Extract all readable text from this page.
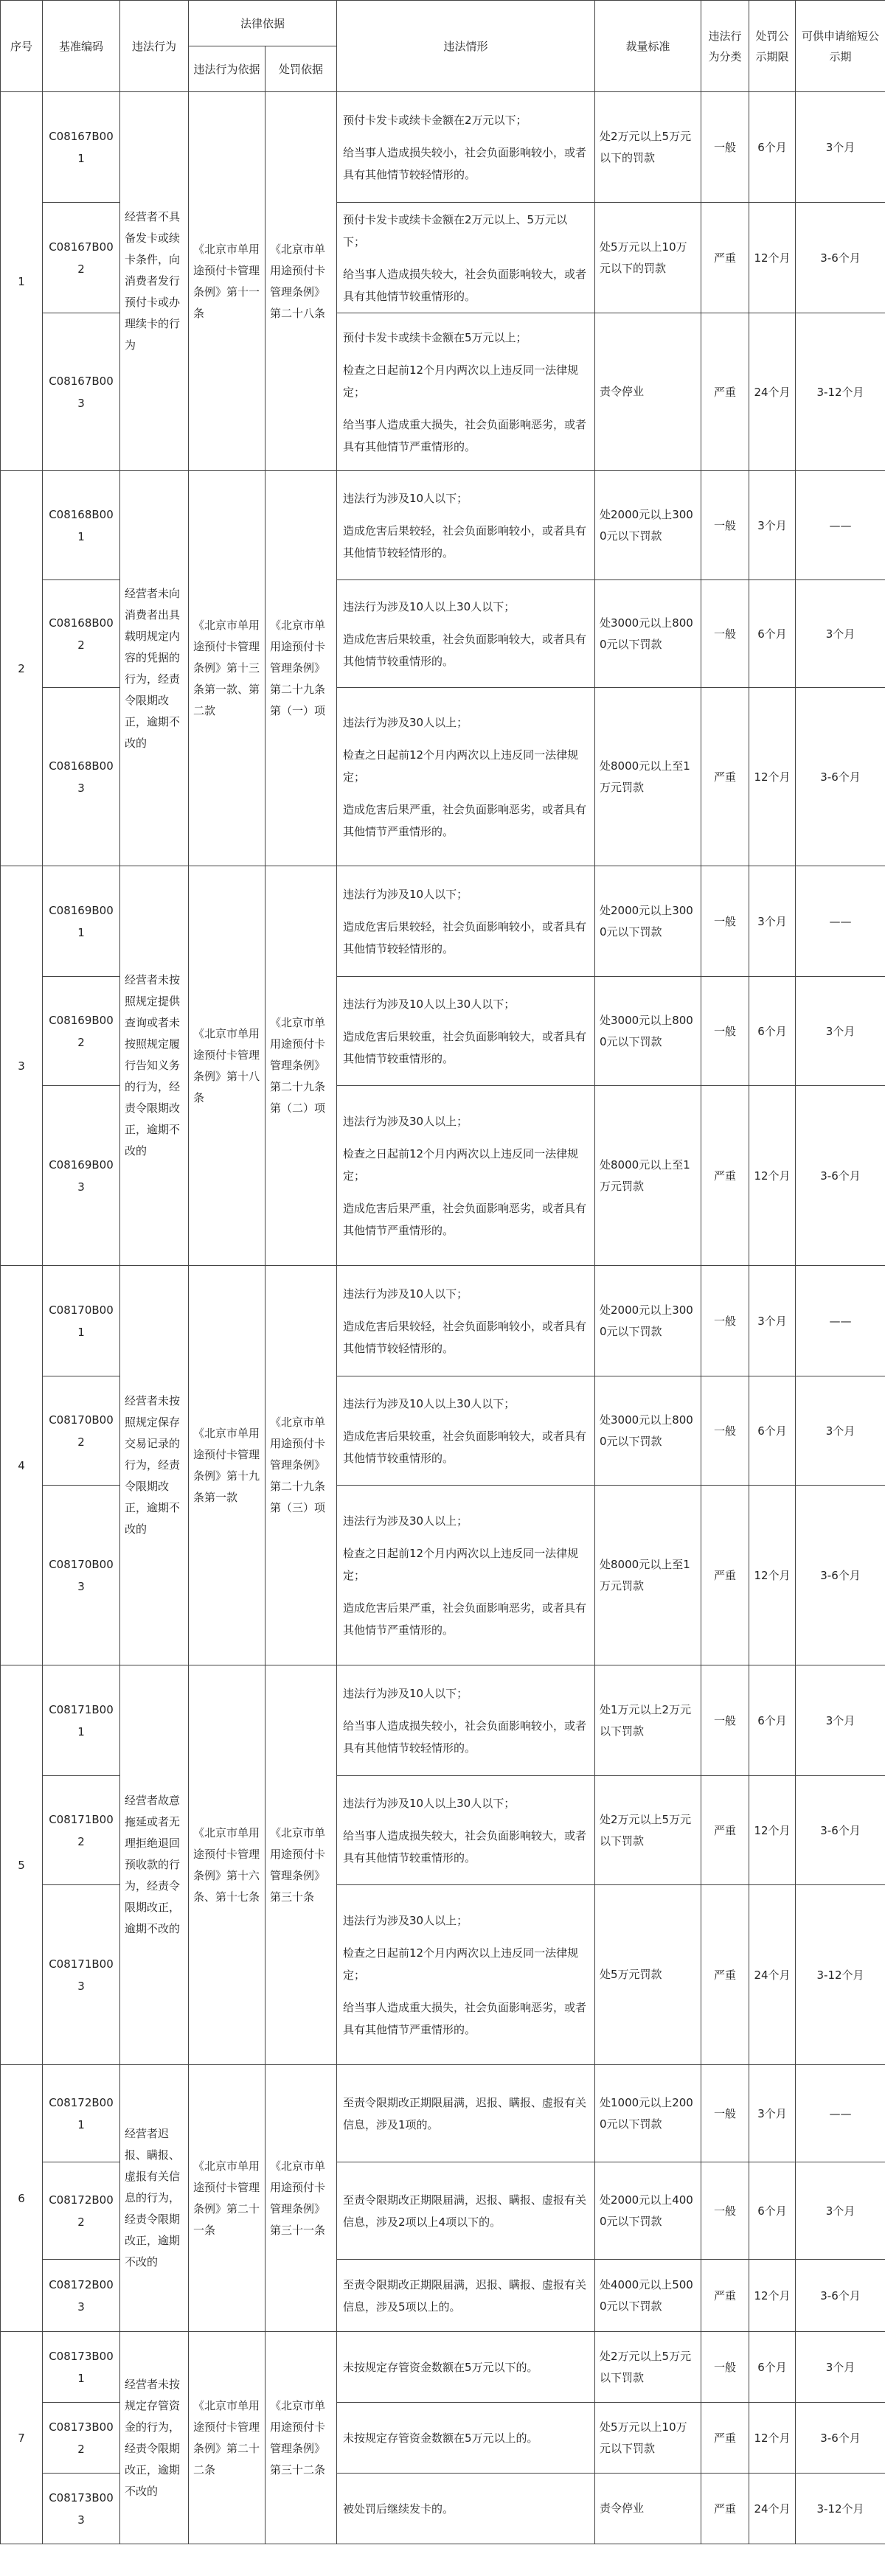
序号	基准编码	违法行为	法律依据		违法情形	裁量标准	违法行为分类	处罚公示期限	可供申请缩短公示期
			违法行为依据	处罚依据					
1	C08167B001	经营者不具备发卡或续卡条件，向消费者发行预付卡或办理续卡的行为	《北京市单用途预付卡管理条例》第十一条	《北京市单用途预付卡管理条例》第二十八条	预付卡发卡或续卡金额在2万元以下；
给当事人造成损失较小，社会负面影响较小，或者具有其他情节较轻情形的。	处2万元以上5万元以下的罚款	一般	6个月	3个月
	C08167B002				预付卡发卡或续卡金额在2万元以上、5万元以下；
给当事人造成损失较大，社会负面影响较大，或者具有其他情节较重情形的。	处5万元以上10万元以下的罚款	严重	12个月	3-6个月
	C08167B003				预付卡发卡或续卡金额在5万元以上；
检查之日起前12个月内两次以上违反同一法律规定；
给当事人造成重大损失，社会负面影响恶劣，或者具有其他情节严重情形的。	责令停业	严重	24个月	3-12个月
2	C08168B001	经营者未向消费者出具载明规定内容的凭据的行为，经责令限期改正，逾期不改的	《北京市单用途预付卡管理条例》第十三条第一款、第二款	《北京市单用途预付卡管理条例》第二十九条第（一）项	违法行为涉及10人以下；
造成危害后果较轻，社会负面影响较小，或者具有其他情节较轻情形的。	处2000元以上3000元以下罚款	一般	3个月	——
	C08168B002				违法行为涉及10人以上30人以下；
造成危害后果较重，社会负面影响较大，或者具有其他情节较重情形的。	处3000元以上8000元以下罚款	一般	6个月	3个月
	C08168B003				违法行为涉及30人以上；
检查之日起前12个月内两次以上违反同一法律规定；
造成危害后果严重，社会负面影响恶劣，或者具有其他情节严重情形的。	处8000元以上至1万元罚款	严重	12个月	3-6个月
3	C08169B001	经营者未按照规定提供查询或者未按照规定履行告知义务的行为，经责令限期改正，逾期不改的	《北京市单用途预付卡管理条例》第十八条	《北京市单用途预付卡管理条例》第二十九条第（二）项	违法行为涉及10人以下；
造成危害后果较轻，社会负面影响较小，或者具有其他情节较轻情形的。	处2000元以上3000元以下罚款	一般	3个月	——
	C08169B002				违法行为涉及10人以上30人以下；
造成危害后果较重，社会负面影响较大，或者具有其他情节较重情形的。	处3000元以上8000元以下罚款	一般	6个月	3个月
	C08169B003				违法行为涉及30人以上；
检查之日起前12个月内两次以上违反同一法律规定；
造成危害后果严重，社会负面影响恶劣，或者具有其他情节严重情形的。	处8000元以上至1万元罚款	严重	12个月	3-6个月
4	C08170B001	经营者未按照规定保存交易记录的行为，经责令限期改正，逾期不改的	《北京市单用途预付卡管理条例》第十九条第一款	《北京市单用途预付卡管理条例》第二十九条第（三）项	违法行为涉及10人以下；
造成危害后果较轻，社会负面影响较小，或者具有其他情节较轻情形的。	处2000元以上3000元以下罚款	一般	3个月	——
	C08170B002				违法行为涉及10人以上30人以下；
造成危害后果较重，社会负面影响较大，或者具有其他情节较重情形的。	处3000元以上8000元以下罚款	一般	6个月	3个月
	C08170B003				违法行为涉及30人以上；
检查之日起前12个月内两次以上违反同一法律规定；
造成危害后果严重，社会负面影响恶劣，或者具有其他情节严重情形的。	处8000元以上至1万元罚款	严重	12个月	3-6个月
5	C08171B001	经营者故意拖延或者无理拒绝退回预收款的行为，经责令限期改正，逾期不改的	《北京市单用途预付卡管理条例》第十六条、第十七条	《北京市单用途预付卡管理条例》第三十条	违法行为涉及10人以下；
给当事人造成损失较小，社会负面影响较小，或者具有其他情节较轻情形的。	处1万元以上2万元以下罚款	一般	6个月	3个月
	C08171B002				违法行为涉及10人以上30人以下；
给当事人造成损失较大，社会负面影响较大，或者具有其他情节较重情形的。	处2万元以上5万元以下罚款	严重	12个月	3-6个月
	C08171B003				违法行为涉及30人以上；
检查之日起前12个月内两次以上违反同一法律规定；
给当事人造成重大损失，社会负面影响恶劣，或者具有其他情节严重情形的。	处5万元罚款	严重	24个月	3-12个月
6	C08172B001	经营者迟报、瞒报、虚报有关信息的行为，经责令限期改正，逾期不改的	《北京市单用途预付卡管理条例》第二十一条	《北京市单用途预付卡管理条例》第三十一条	至责令限期改正期限届满，迟报、瞒报、虚报有关信息，涉及1项的。	处1000元以上2000元以下罚款	一般	3个月	——
	C08172B002				至责令限期改正期限届满，迟报、瞒报、虚报有关信息，涉及2项以上4项以下的。	处2000元以上4000元以下罚款	一般	6个月	3个月
	C08172B003				至责令限期改正期限届满，迟报、瞒报、虚报有关信息，涉及5项以上的。	处4000元以上5000元以下罚款	严重	12个月	3-6个月
7	C08173B001	经营者未按规定存管资金的行为，经责令限期改正，逾期不改的	《北京市单用途预付卡管理条例》第二十二条	《北京市单用途预付卡管理条例》第三十二条	未按规定存管资金数额在5万元以下的。	处2万元以上5万元以下罚款	一般	6个月	3个月
	C08173B002				未按规定存管资金数额在5万元以上的。	处5万元以上10万元以下罚款	严重	12个月	3-6个月
	C08173B003				被处罚后继续发卡的。	责令停业	严重	24个月	3-12个月
